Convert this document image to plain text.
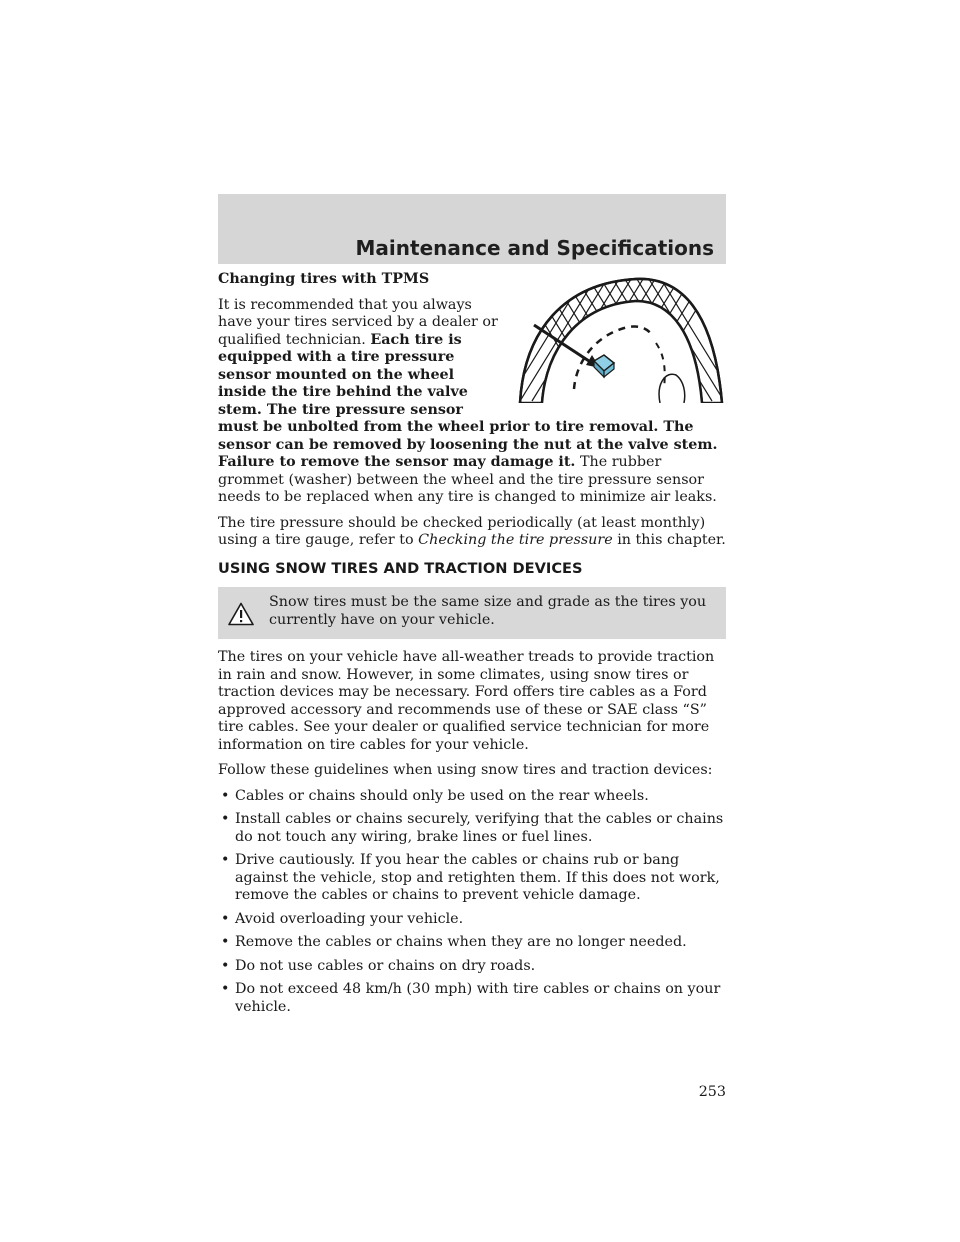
Maintenance and Specifications

Changing tires with TPMS

It is recommended that you always have your tires serviced by a dealer or qualified technician. Each tire is equipped with a tire pressure sensor mounted on the wheel inside the tire behind the valve stem. The tire pressure sensor must be unbolted from the wheel prior to tire removal. The sensor can be removed by loosening the nut at the valve stem. Failure to remove the sensor may damage it. The rubber grommet (washer) between the wheel and the tire pressure sensor needs to be replaced when any tire is changed to minimize air leaks.

The tire pressure should be checked periodically (at least monthly) using a tire gauge, refer to Checking the tire pressure in this chapter.

USING SNOW TIRES AND TRACTION DEVICES
Snow tires must be the same size and grade as the tires you currently have on your vehicle.

The tires on your vehicle have all-weather treads to provide traction in rain and snow. However, in some climates, using snow tires or traction devices may be necessary. Ford offers tire cables as a Ford approved accessory and recommends use of these or SAE class “S” tire cables. See your dealer or qualified service technician for more information on tire cables for your vehicle.

Follow these guidelines when using snow tires and traction devices:

• Cables or chains should only be used on the rear wheels.
• Install cables or chains securely, verifying that the cables or chains do not touch any wiring, brake lines or fuel lines.
• Drive cautiously. If you hear the cables or chains rub or bang against the vehicle, stop and retighten them. If this does not work, remove the cables or chains to prevent vehicle damage.
• Avoid overloading your vehicle.
• Remove the cables or chains when they are no longer needed.
• Do not use cables or chains on dry roads.
• Do not exceed 48 km/h (30 mph) with tire cables or chains on your vehicle.
253
